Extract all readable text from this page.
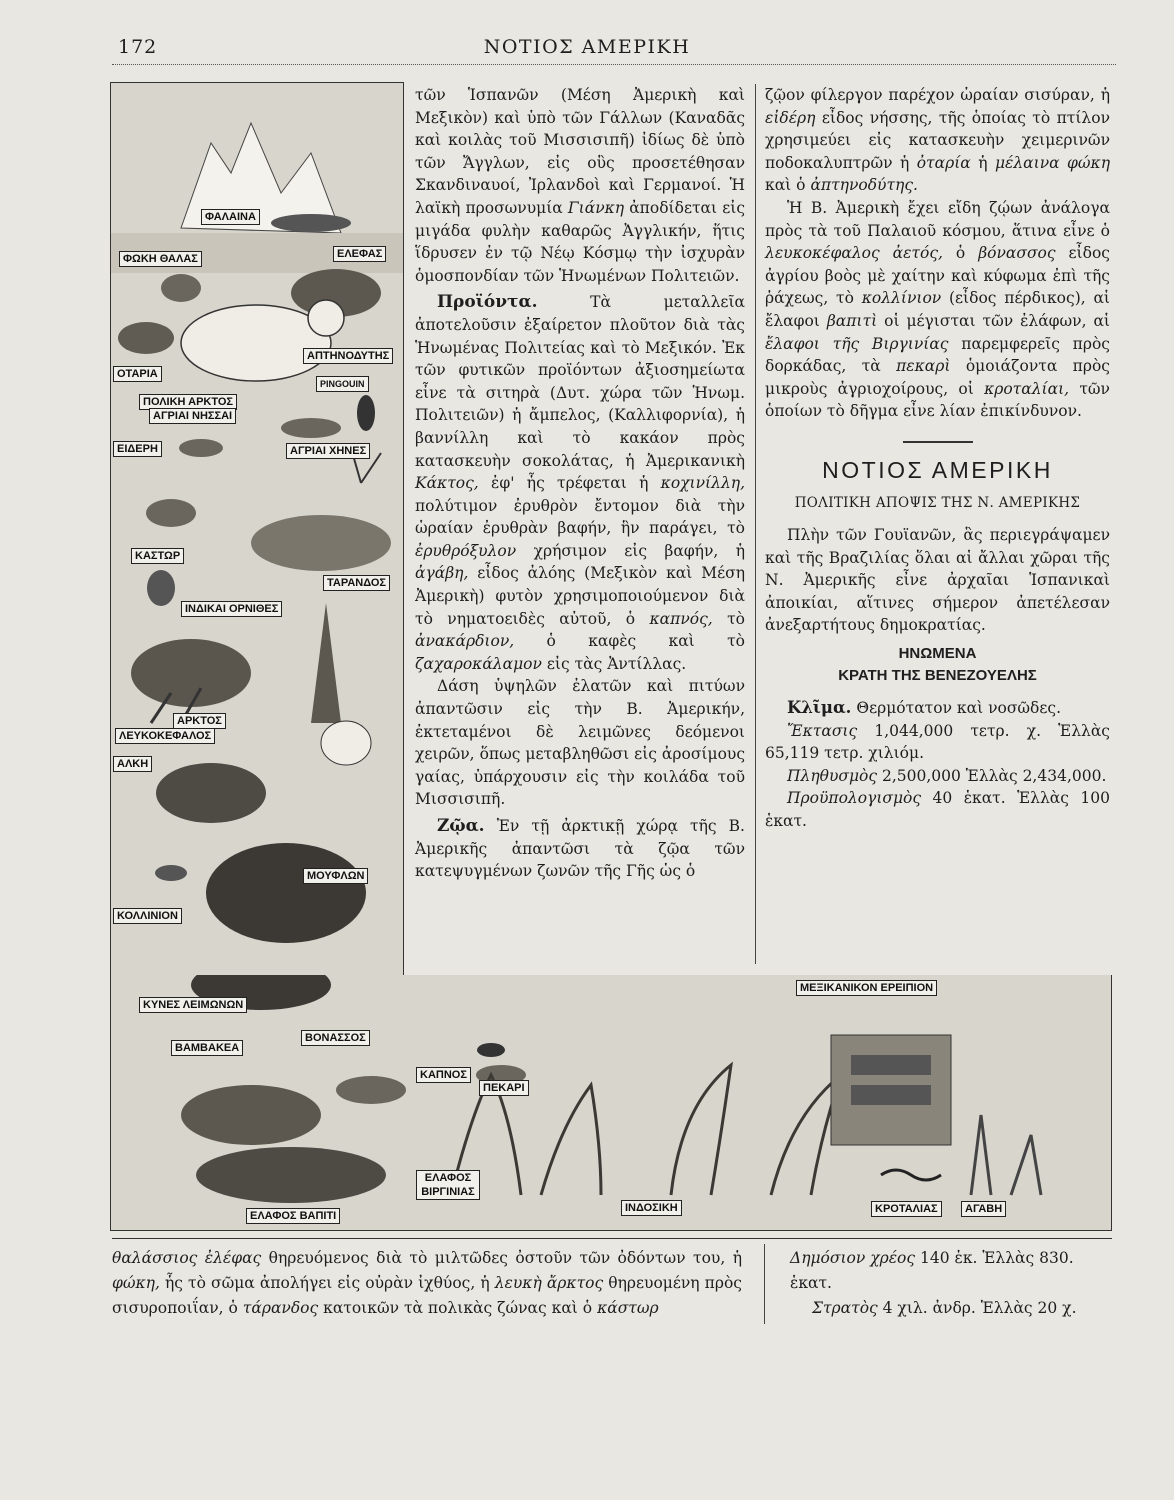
172	ΝΟΤΙΟΣ ΑΜΕΡΙΚΗ
ΦΑΛΑΙΝΑ
ΦΩΚΗ ΘΑΛΑΣ	ΕΛΕΦΑΣ
ΟΤΑΡΙΑ
ΑΠΤΗΝΟΔΥΤΗΣ
PINGOUIN
ΠΟΛΙΚΗ ΑΡΚΤΟΣ
ΑΓΡΙΑΙ ΝΗΣΣΑΙ
ΕΙΔΕΡΗ	ΑΓΡΙΑΙ ΧΗΝΕΣ
ΚΑΣΤΩΡ
ΤΑΡΑΝΔΟΣ
ΙΝΔΙΚΑΙ ΟΡΝΙΘΕΣ
ΑΡΚΤΟΣ
ΛΕΥΚΟΚΕΦΑΛΟΣ
ΑΛΚΗ
ΜΟΥΦΛΩΝ
ΚΟΛΛΙΝΙΟΝ
ΚΥΝΕΣ ΛΕΙΜΩΝΩΝ
ΒΟΝΑΣΣΟΣ
ΒΑΜΒΑΚΕΑ
ΚΑΠΝΟΣ
ΠΕΚΑΡΙ
ΜΕΞΙΚΑΝΙΚΟΝ ΕΡΕΙΠΙΟΝ
ΕΛΑΦΟΣ ΒΙΡΓΙΝΙΑΣ
ΕΛΑΦΟΣ ΒΑΠΙΤΙ
ΙΝΔΟΣΙΚΗ	ΚΡΟΤΑΛΙΑΣ	ΑΓΑΒΗ

τῶν Ἱσπανῶν (Μέση Ἀμερικὴ καὶ Μεξικὸν) καὶ ὑπὸ τῶν Γάλλων (Καναδᾶς καὶ κοιλὰς τοῦ Μισσισιπῆ) ἰδίως δὲ ὑπὸ τῶν Ἄγγλων, εἰς οὓς προσετέθησαν Σκανδιναυοί, Ἰρλανδοὶ καὶ Γερμανοί. Ἡ λαϊκὴ προσωνυμία Γιάνκη ἀποδίδεται εἰς μιγάδα φυλὴν καθαρῶς Ἀγγλικήν, ἥτις ἵδρυσεν ἐν τῷ Νέῳ Κόσμῳ τὴν ἰσχυρὰν ὁμοσπονδίαν τῶν Ἡνωμένων Πολιτειῶν.

Προϊόντα.	Τὰ μεταλλεῖα ἀποτελοῦσιν ἐξαίρετον πλοῦτον διὰ τὰς Ἡνωμένας Πολιτείας καὶ τὸ Μεξικόν. Ἐκ τῶν φυτικῶν προϊόντων ἀξιοσημείωτα εἶνε τὰ σιτηρὰ (Δυτ. χώρα τῶν Ἡνωμ. Πολιτειῶν) ἡ ἄμπελος, (Καλλιφορνία), ἡ βαννίλλη καὶ τὸ κακάον πρὸς κατασκευὴν σοκολάτας, ἡ Ἀμερικανικὴ Κάκτος, ἐφ' ἧς τρέφεται ἡ κοχινίλλη, πολύτιμον ἐρυθρὸν ἔντομον διὰ τὴν ὡραίαν ἐρυθρὰν βαφήν, ἣν παράγει, τὸ ἐρυθρόξυλον χρήσιμον εἰς βαφήν, ἡ ἀγάβη, εἶδος ἀλόης (Μεξικὸν καὶ Μέση Ἀμερικὴ) φυτὸν χρησιμοποιούμενον διὰ τὸ νηματοειδὲς αὐτοῦ, ὁ καπνός, τὸ ἀνακάρδιον, ὁ καφὲς καὶ τὸ ζαχαροκάλαμον εἰς τὰς Ἀντίλλας.

Δάση ὑψηλῶν ἐλατῶν καὶ πιτύων ἀπαντῶσιν εἰς τὴν Β. Ἀμερικήν, ἐκτεταμένοι δὲ λειμῶνες δεόμενοι χειρῶν, ὅπως μεταβληθῶσι εἰς ἀροσίμους γαίας, ὑπάρχουσιν εἰς τὴν κοιλάδα τοῦ Μισσισιπῆ.

Ζῷα. Ἐν τῇ ἀρκτικῇ χώρᾳ τῆς Β. Ἀμερικῆς ἀπαντῶσι τὰ ζῷα τῶν κατεψυγμένων ζωνῶν τῆς Γῆς ὡς ὁ

ζῷον φίλεργον παρέχον ὡραίαν σισύραν, ἡ εἰδέρη εἶδος νήσσης, τῆς ὁποίας τὸ πτίλον χρησιμεύει εἰς κατασκευὴν χειμερινῶν ποδοκαλυπτρῶν ἡ ὀταρία ἡ μέλαινα φώκη καὶ ὁ ἀπτηνοδύτης.

Ἡ Β. Ἀμερικὴ ἔχει εἴδη ζῴων ἀνάλογα πρὸς τὰ τοῦ Παλαιοῦ κόσμου, ἅτινα εἶνε ὁ λευκοκέφαλος ἀετός, ὁ βόνασσος εἶδος ἀγρίου βοὸς μὲ χαίτην καὶ κύφωμα ἐπὶ τῆς ῥάχεως, τὸ κολλίνιον (εἶδος πέρδικος), αἱ ἔλαφοι βαπιτὶ οἱ μέγισται τῶν ἐλάφων, αἱ ἔλαφοι τῆς Βιργινίας παρεμφερεῖς πρὸς δορκάδας, τὰ πεκαρὶ ὁμοιάζοντα πρὸς μικροὺς ἀγριοχοίρους, οἱ κροταλίαι, τῶν ὁποίων τὸ δῆγμα εἶνε λίαν ἐπικίνδυνον.

ΝΟΤΙΟΣ ΑΜΕΡΙΚΗ
ΠΟΛΙΤΙΚΗ ΑΠΟΨΙΣ ΤΗΣ Ν. ΑΜΕΡΙΚΗΣ

Πλὴν τῶν Γουϊανῶν, ἃς περιεγράψαμεν καὶ τῆς Βραζιλίας ὅλαι αἱ ἄλλαι χῶραι τῆς Ν. Ἀμερικῆς εἶνε ἀρχαῖαι Ἱσπανικαὶ ἀποικίαι, αἵτινες σήμερον ἀπετέλεσαν ἀνεξαρτήτους δημοκρατίας.

ΗΝΩΜΕΝΑ
ΚΡΑΤΗ ΤΗΣ ΒΕΝΕΖΟΥΕΛΗΣ

Κλῖμα. Θερμότατον καὶ νοσῶδες.

Ἔκτασις 1,044,000 τετρ. χ. Ἑλλὰς 65,119 τετρ. χιλιόμ.

Πληθυσμὸς 2,500,000 Ἑλλὰς 2,434,000.

Προϋπολογισμὸς 40 ἑκατ. Ἑλλὰς 100 ἑκατ.

θαλάσσιος ἐλέφας θηρευόμενος διὰ τὸ μιλτῶδες ὀστοῦν τῶν ὀδόντων του, ἡ φώκη, ἧς τὸ σῶμα ἀπολήγει εἰς οὐρὰν ἰχθύος, ἡ λευκὴ ἄρκτος θηρευομένη πρὸς σισυροποιΐαν, ὁ τάρανδος κατοικῶν τὰ πολικὰς ζώνας καὶ ὁ κάστωρ

Δημόσιον χρέος 140 ἑκ. Ἑλλὰς 830. ἑκατ.

Στρατὸς 4 χιλ. ἀνδρ. Ἑλλὰς 20 χ.
